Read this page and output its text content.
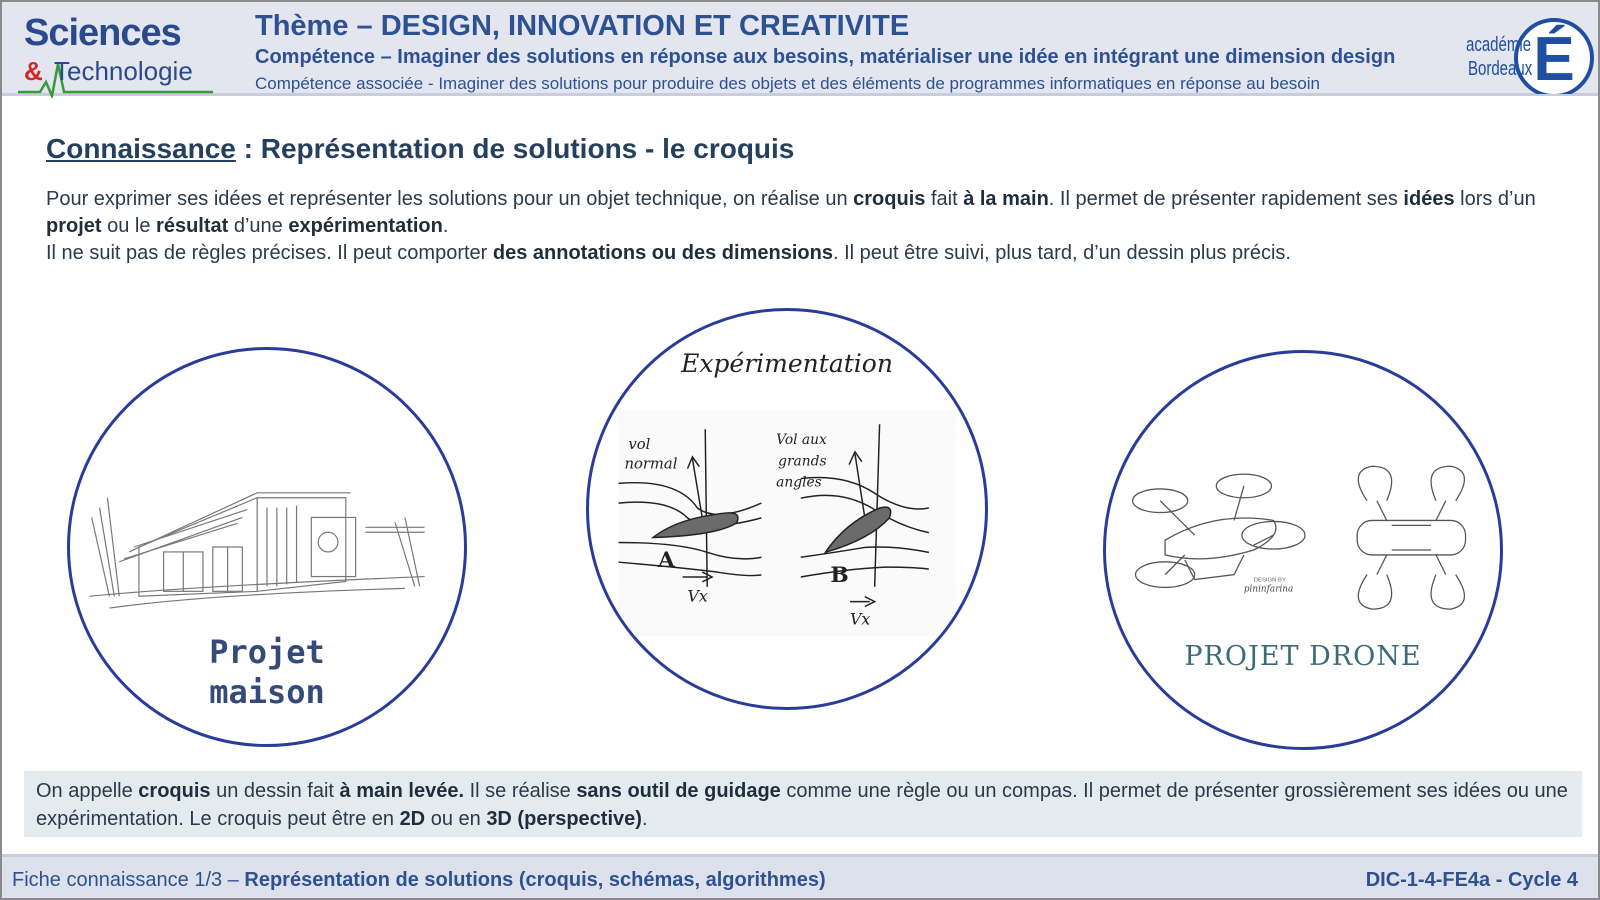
Sciences
& Technologie
Thème – DESIGN, INNOVATION ET CREATIVITE
Compétence – Imaginer des solutions en réponse aux besoins, matérialiser une idée en intégrant une dimension design
Compétence associée - Imaginer des solutions pour produire des objets et des éléments de programmes informatiques en réponse au besoin	É
académie
Bordeaux
Connaissance : Représentation de solutions - le croquis
Pour exprimer ses idées et représenter les solutions pour un objet technique, on réalise un croquis fait à la main. Il permet de présenter rapidement ses idées lors d’un projet ou le résultat d’une expérimentation.
Il ne suit pas de règles précises. Il peut comporter des annotations ou des dimensions. Il peut être suivi, plus tard, d’un dessin plus précis.
Projet
maison
Expérimentation
vol
normal
Vol aux
grands
angles
A
B
Vx
Vx
DESIGN BY
pininfarina
PROJET DRONE
On appelle croquis un dessin fait à main levée. Il se réalise sans outil de guidage comme une règle ou un compas. Il permet de présenter grossièrement ses idées ou une expérimentation. Le croquis peut être en 2D ou en 3D (perspective).
Fiche connaissance 1/3 – Représentation de solutions (croquis, schémas, algorithmes)	DIC-1-4-FE4a - Cycle 4
